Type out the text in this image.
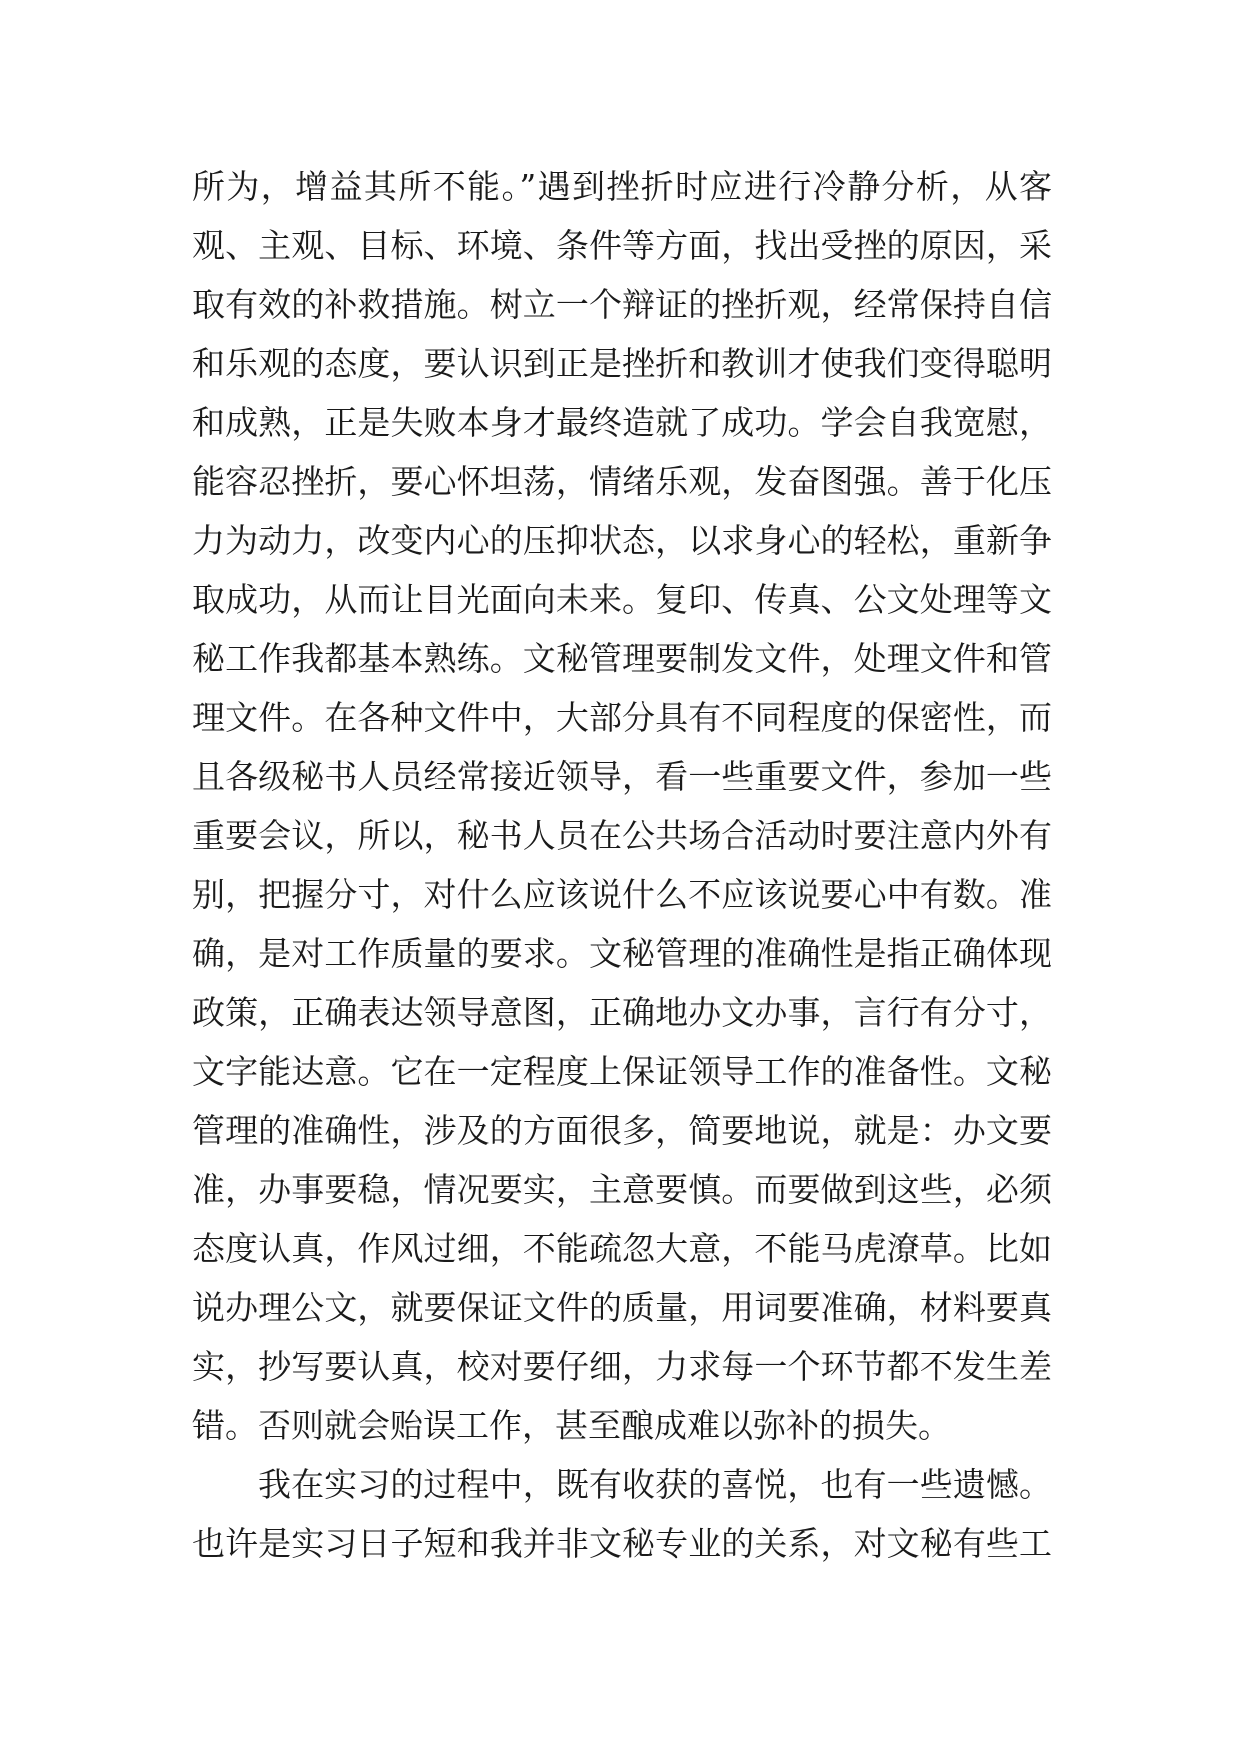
所为，增益其所不能。”遇到挫折时应进行冷静分析，从客
观、主观、目标、环境、条件等方面，找出受挫的原因，采
取有效的补救措施。树立一个辩证的挫折观，经常保持自信
和乐观的态度，要认识到正是挫折和教训才使我们变得聪明
和成熟，正是失败本身才最终造就了成功。学会自我宽慰，
能容忍挫折，要心怀坦荡，情绪乐观，发奋图强。善于化压
力为动力，改变内心的压抑状态，以求身心的轻松，重新争
取成功，从而让目光面向未来。复印、传真、公文处理等文
秘工作我都基本熟练。文秘管理要制发文件，处理文件和管
理文件。在各种文件中，大部分具有不同程度的保密性，而
且各级秘书人员经常接近领导，看一些重要文件，参加一些
重要会议，所以，秘书人员在公共场合活动时要注意内外有
别，把握分寸，对什么应该说什么不应该说要心中有数。准
确，是对工作质量的要求。文秘管理的准确性是指正确体现
政策，正确表达领导意图，正确地办文办事，言行有分寸，
文字能达意。它在一定程度上保证领导工作的准备性。文秘
管理的准确性，涉及的方面很多，简要地说，就是：办文要
准，办事要稳，情况要实，主意要慎。而要做到这些，必须
态度认真，作风过细，不能疏忽大意，不能马虎潦草。比如
说办理公文，就要保证文件的质量，用词要准确，材料要真
实，抄写要认真，校对要仔细，力求每一个环节都不发生差
错。否则就会贻误工作，甚至酿成难以弥补的损失。
我在实习的过程中，既有收获的喜悦，也有一些遗憾。
也许是实习日子短和我并非文秘专业的关系，对文秘有些工
